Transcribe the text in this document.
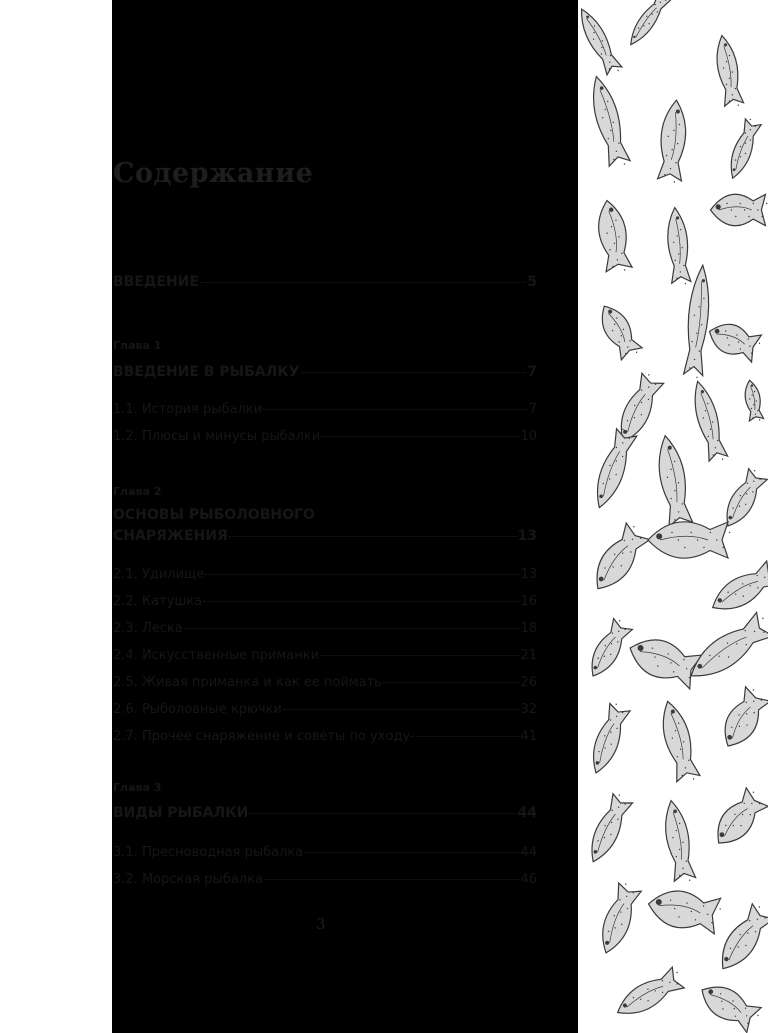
Содержание
ВВЕДЕНИЕ	5
Глава 1
ВВЕДЕНИЕ В РЫБАЛКУ	7
1.1. История рыбалки	7
1.2. Плюсы и минусы рыбалки	10
Глава 2
ОСНОВЫ РЫБОЛОВНОГО
СНАРЯЖЕНИЯ	13
2.1. Удилище	13
2.2. Катушка	16
2.3. Леска	18
2.4. Искусственные приманки	21
2.5. Живая приманка и как ее поймать	26
2.6. Рыболовные крючки	32
2.7. Прочее снаряжение и советы по уходу	41
Глава 3
ВИДЫ РЫБАЛКИ	44
3.1. Пресноводная рыбалка	44
3.2. Морская рыбалка	46
3
